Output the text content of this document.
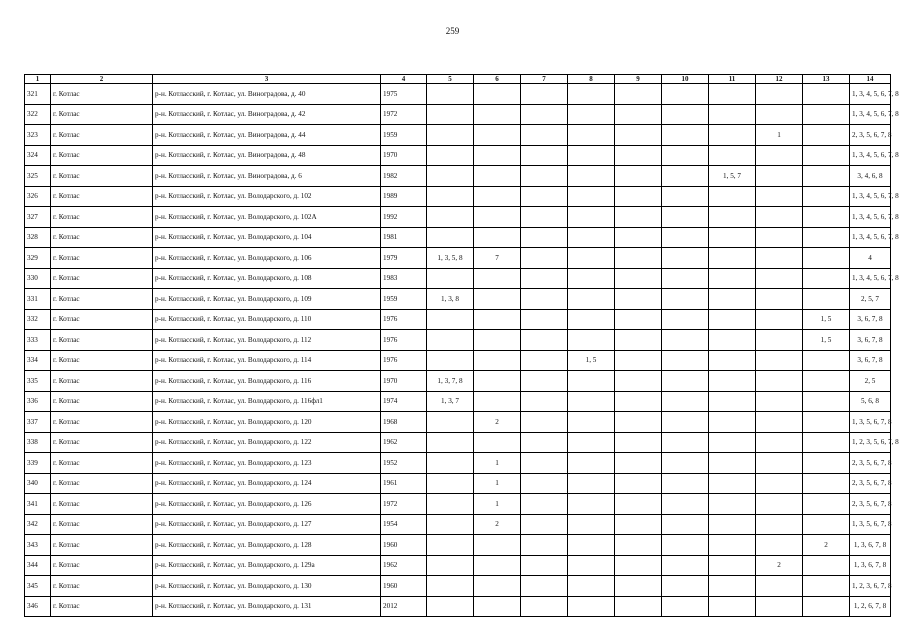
259
1	2	3	4	5	6	7	8	9	10	11	12	13	14
321	г. Котлас	р-н. Котласский, г. Котлас, ул. Виноградова, д. 40	1975										1, 3, 4, 5, 6, 7, 8
322	г. Котлас	р-н. Котласский, г. Котлас, ул. Виноградова, д. 42	1972										1, 3, 4, 5, 6, 7, 8
323	г. Котлас	р-н. Котласский, г. Котлас, ул. Виноградова, д. 44	1959								1		2, 3, 5, 6, 7, 8
324	г. Котлас	р-н. Котласский, г. Котлас, ул. Виноградова, д. 48	1970										1, 3, 4, 5, 6, 7, 8
325	г. Котлас	р-н. Котласский, г. Котлас, ул. Виноградова, д. 6	1982							1, 5, 7			3, 4, 6, 8
326	г. Котлас	р-н. Котласский, г. Котлас, ул. Володарского, д. 102	1989										1, 3, 4, 5, 6, 7, 8
327	г. Котлас	р-н. Котласский, г. Котлас, ул. Володарского, д. 102А	1992										1, 3, 4, 5, 6, 7, 8
328	г. Котлас	р-н. Котласский, г. Котлас, ул. Володарского, д. 104	1981										1, 3, 4, 5, 6, 7, 8
329	г. Котлас	р-н. Котласский, г. Котлас, ул. Володарского, д. 106	1979	1, 3, 5, 8	7								4
330	г. Котлас	р-н. Котласский, г. Котлас, ул. Володарского, д. 108	1983										1, 3, 4, 5, 6, 7, 8
331	г. Котлас	р-н. Котласский, г. Котлас, ул. Володарского, д. 109	1959	1, 3, 8									2, 5, 7
332	г. Котлас	р-н. Котласский, г. Котлас, ул. Володарского, д. 110	1976									1, 5	3, 6, 7, 8
333	г. Котлас	р-н. Котласский, г. Котлас, ул. Володарского, д. 112	1976									1, 5	3, 6, 7, 8
334	г. Котлас	р-н. Котласский, г. Котлас, ул. Володарского, д. 114	1976				1, 5						3, 6, 7, 8
335	г. Котлас	р-н. Котласский, г. Котлас, ул. Володарского, д. 116	1970	1, 3, 7, 8									2, 5
336	г. Котлас	р-н. Котласский, г. Котлас, ул. Володарского, д. 116фл1	1974	1, 3, 7									5, 6, 8
337	г. Котлас	р-н. Котласский, г. Котлас, ул. Володарского, д. 120	1968		2								1, 3, 5, 6, 7, 8
338	г. Котлас	р-н. Котласский, г. Котлас, ул. Володарского, д. 122	1962										1, 2, 3, 5, 6, 7, 8
339	г. Котлас	р-н. Котласский, г. Котлас, ул. Володарского, д. 123	1952		1								2, 3, 5, 6, 7, 8
340	г. Котлас	р-н. Котласский, г. Котлас, ул. Володарского, д. 124	1961		1								2, 3, 5, 6, 7, 8
341	г. Котлас	р-н. Котласский, г. Котлас, ул. Володарского, д. 126	1972		1								2, 3, 5, 6, 7, 8
342	г. Котлас	р-н. Котласский, г. Котлас, ул. Володарского, д. 127	1954		2								1, 3, 5, 6, 7, 8
343	г. Котлас	р-н. Котласский, г. Котлас, ул. Володарского, д. 128	1960									2	1, 3, 6, 7, 8
344	г. Котлас	р-н. Котласский, г. Котлас, ул. Володарского, д. 129а	1962								2		1, 3, 6, 7, 8
345	г. Котлас	р-н. Котласский, г. Котлас, ул. Володарского, д. 130	1960										1, 2, 3, 6, 7, 8
346	г. Котлас	р-н. Котласский, г. Котлас, ул. Володарского, д. 131	2012										1, 2, 6, 7, 8
